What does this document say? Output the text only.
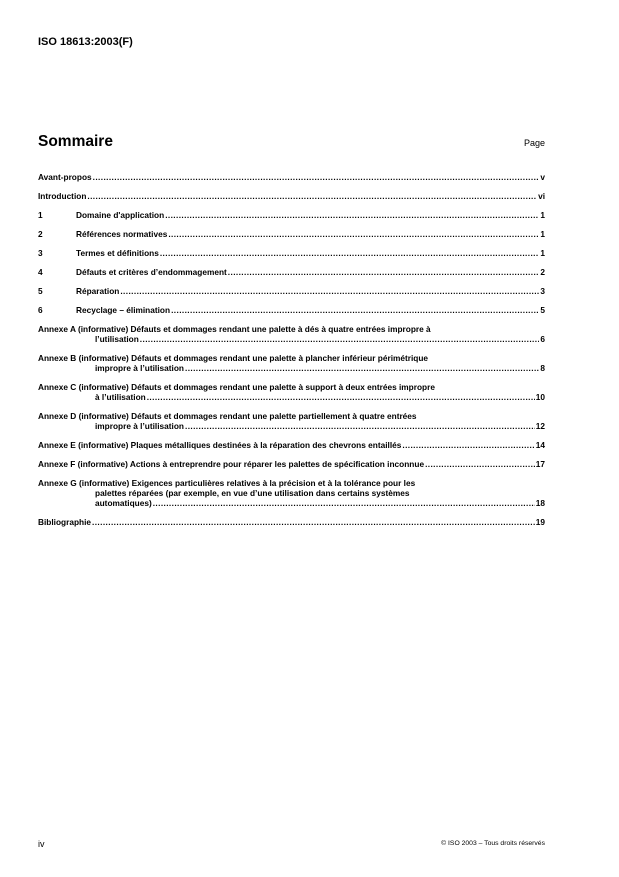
ISO 18613:2003(F)
Sommaire	Page
Avant-propos .....	v
Introduction .....	vi
1	Domaine d'application .....	1
2	Références normatives .....	1
3	Termes et définitions .....	1
4	Défauts et critères d’endommagement .....	2
5	Réparation .....	3
6	Recyclage – élimination .....	5
Annexe A (informative) Défauts et dommages rendant une palette à dés à quatre entrées impropre à
l’utilisation .....	6
Annexe B (informative) Défauts et dommages rendant une palette à plancher inférieur périmétrique
impropre à l’utilisation .....	8
Annexe C (informative) Défauts et dommages rendant une palette à support à deux entrées impropre
à l’utilisation .....	10
Annexe D (informative) Défauts et dommages rendant une palette partiellement à quatre entrées
impropre à l’utilisation .....	12
Annexe E (informative) Plaques métalliques destinées à la réparation des chevrons entaillés .....	14
Annexe F (informative) Actions à entreprendre pour réparer les palettes de spécification inconnue .....	17
Annexe G (informative) Exigences particulières relatives à la précision et à la tolérance pour les
palettes réparées (par exemple, en vue d’une utilisation dans certains systèmes
automatiques) .....	18
Bibliographie .....	19
iv	© ISO 2003 – Tous droits réservés
